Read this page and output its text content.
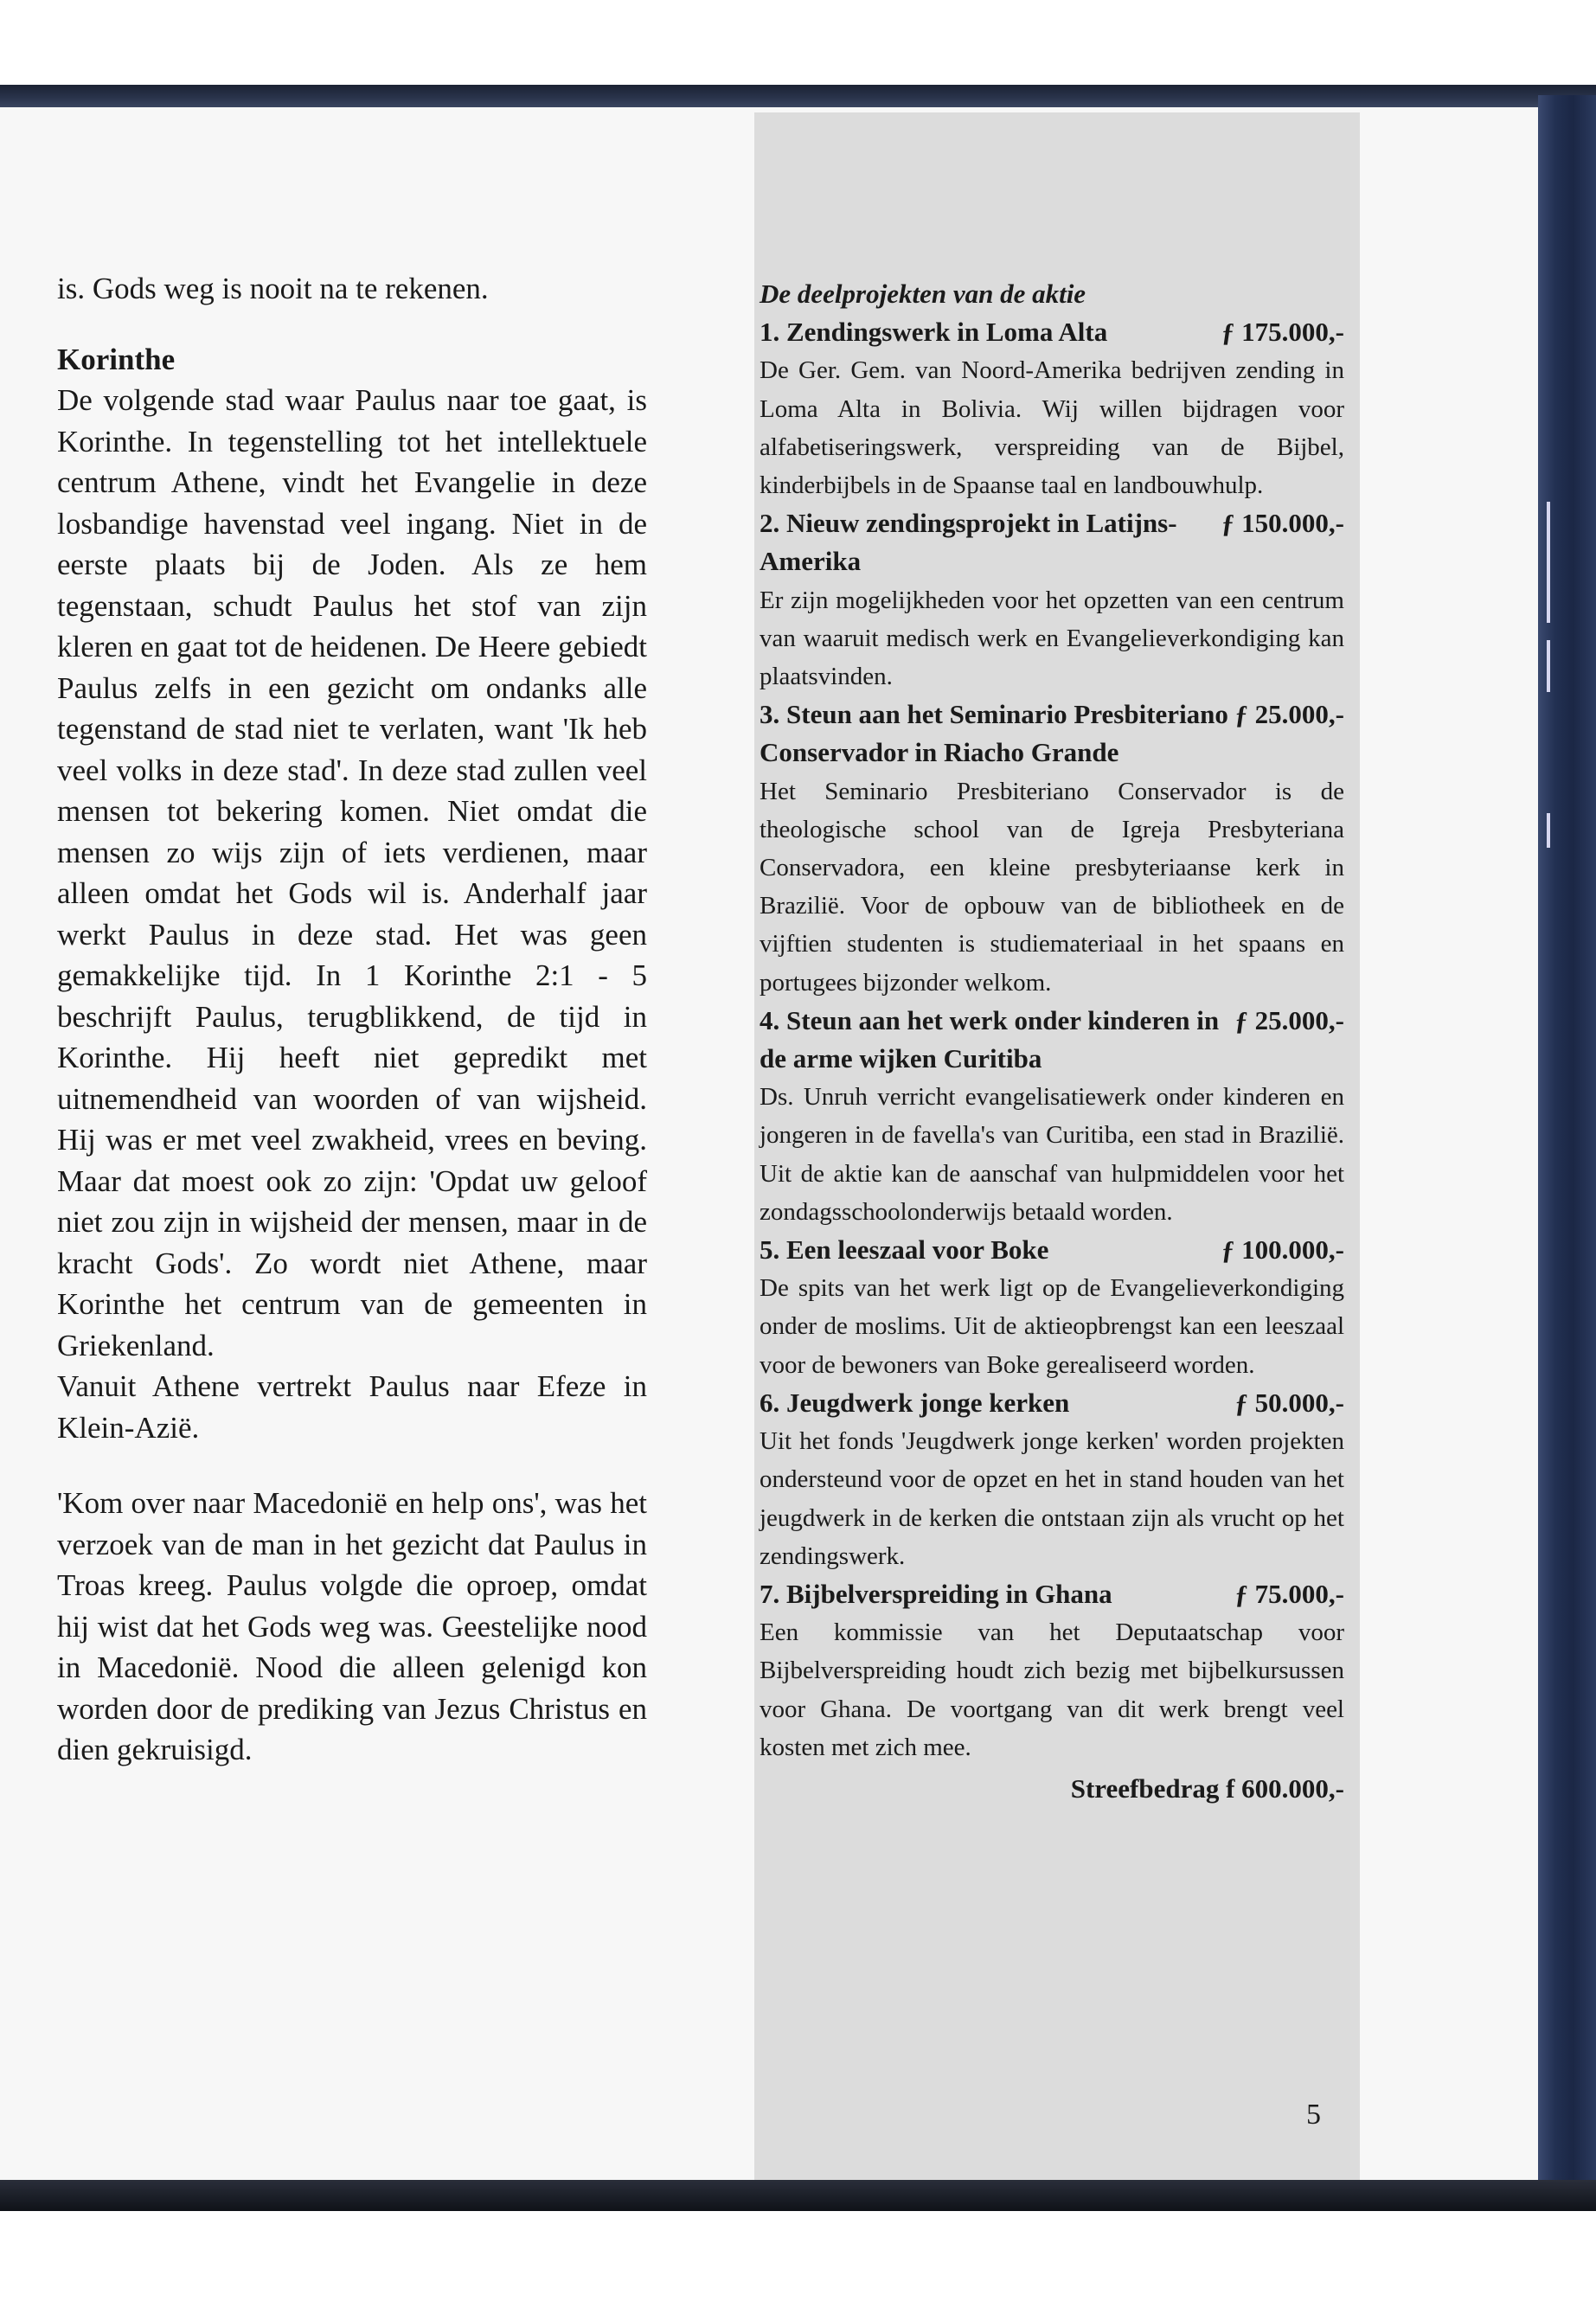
is. Gods weg is nooit na te rekenen.

Korinthe

De volgende stad waar Paulus naar toe gaat, is Korinthe. In tegenstelling tot het intellektuele centrum Athene, vindt het Evangelie in deze losbandige havenstad veel ingang. Niet in de eerste plaats bij de Joden. Als ze hem tegenstaan, schudt Paulus het stof van zijn kleren en gaat tot de heidenen. De Heere gebiedt Paulus zelfs in een gezicht om ondanks alle tegenstand de stad niet te verlaten, want 'Ik heb veel volks in deze stad'. In deze stad zullen veel mensen tot bekering komen. Niet omdat die mensen zo wijs zijn of iets verdienen, maar alleen omdat het Gods wil is. Anderhalf jaar werkt Paulus in deze stad. Het was geen gemakkelijke tijd. In 1 Korinthe 2:1 - 5 beschrijft Paulus, terugblikkend, de tijd in Korinthe. Hij heeft niet gepredikt met uitnemendheid van woorden of van wijsheid. Hij was er met veel zwakheid, vrees en beving. Maar dat moest ook zo zijn: 'Opdat uw geloof niet zou zijn in wijsheid der mensen, maar in de kracht Gods'. Zo wordt niet Athene, maar Korinthe het centrum van de gemeenten in Griekenland.

Vanuit Athene vertrekt Paulus naar Efeze in Klein-Azië.

'Kom over naar Macedonië en help ons', was het verzoek van de man in het gezicht dat Paulus in Troas kreeg. Paulus volgde die oproep, omdat hij wist dat het Gods weg was. Geestelijke nood in Macedonië. Nood die alleen gelenigd kon worden door de prediking van Jezus Christus en dien gekruisigd.

De deelprojekten van de aktie

1. Zendingswerk in Loma Alta	ƒ 175.000,-

De Ger. Gem. van Noord-Amerika bedrijven zending in Loma Alta in Bolivia. Wij willen bijdragen voor alfabetiseringswerk, verspreiding van de Bijbel, kinderbijbels in de Spaanse taal en landbouwhulp.

2. Nieuw zendingsprojekt in Latijns-Amerika
ƒ 150.000,-

Er zijn mogelijkheden voor het opzetten van een centrum van waaruit medisch werk en Evangelieverkondiging kan plaatsvinden.

3. Steun aan het Seminario Presbiteriano Conservador in Riacho Grande
ƒ 25.000,-

Het Seminario Presbiteriano Conservador is de theologische school van de Igreja Presbyteriana Conservadora, een kleine presbyteriaanse kerk in Brazilië. Voor de opbouw van de bibliotheek en de vijftien studenten is studiemateriaal in het spaans en portugees bijzonder welkom.

4. Steun aan het werk onder kinderen in de arme wijken Curitiba
ƒ 25.000,-

Ds. Unruh verricht evangelisatiewerk onder kinderen en jongeren in de favella's van Curitiba, een stad in Brazilië. Uit de aktie kan de aanschaf van hulpmiddelen voor het zondagsschoolonderwijs betaald worden.

5. Een leeszaal voor Boke	ƒ 100.000,-

De spits van het werk ligt op de Evangelieverkondiging onder de moslims. Uit de aktieopbrengst kan een leeszaal voor de bewoners van Boke gerealiseerd worden.

6. Jeugdwerk jonge kerken	ƒ 50.000,-

Uit het fonds 'Jeugdwerk jonge kerken' worden projekten ondersteund voor de opzet en het in stand houden van het jeugdwerk in de kerken die ontstaan zijn als vrucht op het zendingswerk.

7. Bijbelverspreiding in Ghana	ƒ 75.000,-

Een kommissie van het Deputaatschap voor Bijbelverspreiding houdt zich bezig met bijbelkursussen voor Ghana. De voortgang van dit werk brengt veel kosten met zich mee.

Streefbedrag f 600.000,-

5
